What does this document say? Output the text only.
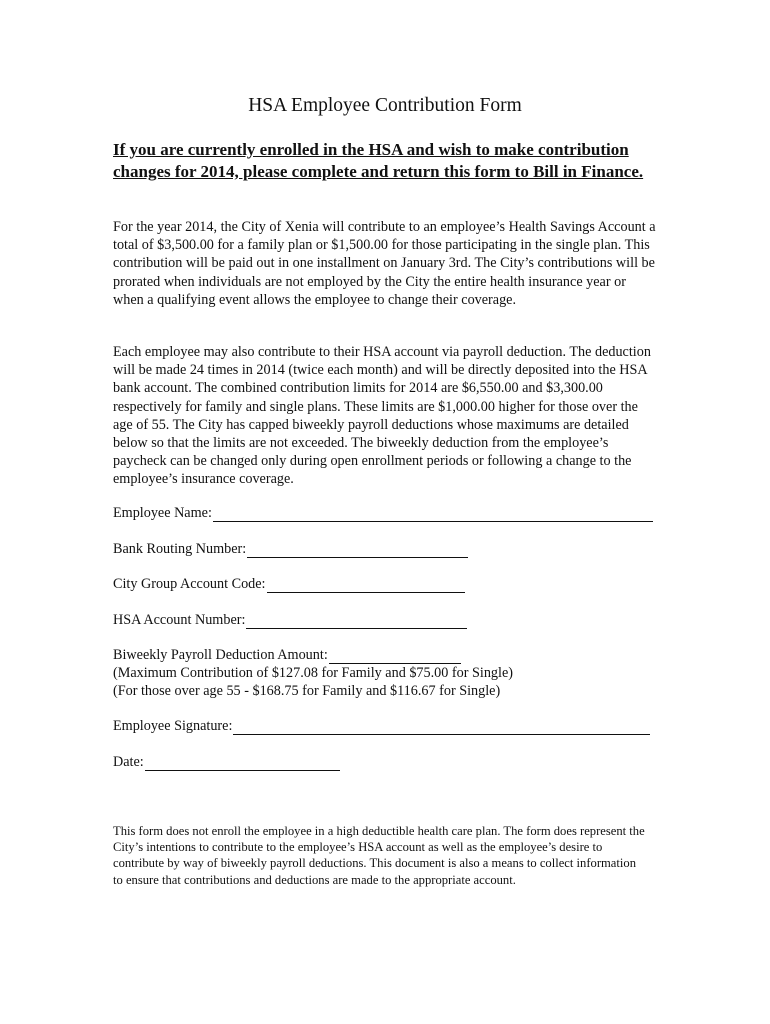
HSA Employee Contribution Form

If you are currently enrolled in the HSA and wish to make contribution changes for 2014, please complete and return this form to Bill in Finance.

For the year 2014, the City of Xenia will contribute to an employee’s Health Savings Account a total of $3,500.00 for a family plan or $1,500.00 for those participating in the single plan. This contribution will be paid out in one installment on January 3rd. The City’s contributions will be prorated when individuals are not employed by the City the entire health insurance year or when a qualifying event allows the employee to change their coverage.

Each employee may also contribute to their HSA account via payroll deduction. The deduction will be made 24 times in 2014 (twice each month) and will be directly deposited into the HSA bank account. The combined contribution limits for 2014 are $6,550.00 and $3,300.00 respectively for family and single plans. These limits are $1,000.00 higher for those over the age of 55. The City has capped biweekly payroll deductions whose maximums are detailed below so that the limits are not exceeded. The biweekly deduction from the employee’s paycheck can be changed only during open enrollment periods or following a change to the employee’s insurance coverage.

Employee Name:
Bank Routing Number:
City Group Account Code:
HSA Account Number:
Biweekly Payroll Deduction Amount:
(Maximum Contribution of $127.08 for Family and $75.00 for Single)
(For those over age 55 - $168.75 for Family and $116.67 for Single)
Employee Signature:
Date:

This form does not enroll the employee in a high deductible health care plan. The form does represent the City’s intentions to contribute to the employee’s HSA account as well as the employee’s desire to contribute by way of biweekly payroll deductions. This document is also a means to collect information to ensure that contributions and deductions are made to the appropriate account.
